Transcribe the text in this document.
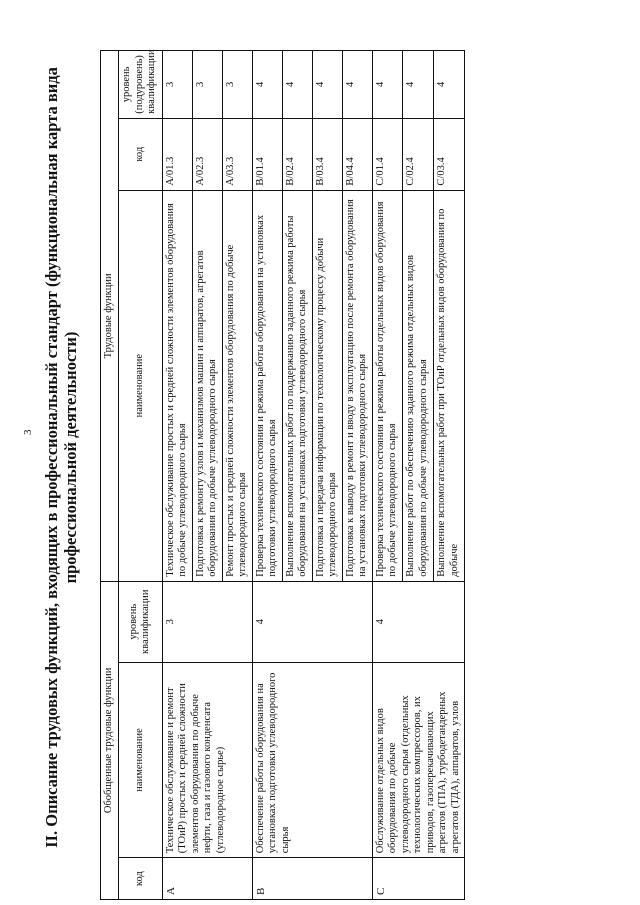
3 II. Описание трудовых функций, входящих в профессиональный стандарт (функциональная карта вида профессиональной деятельности)
Обобщенные трудовые функции			Трудовые функции		
код	наименование	уровень квалификации	наименование	код	уровень (подуровень) квалификации
A	Техническое обслуживание и ремонт (ТОиР) простых и средней сложности элементов оборудования по добыче нефти, газа и газового конденсата (углеводородное сырье)	3	Техническое обслуживание простых и средней сложности элементов оборудования по добыче углеводородного сырья	A/01.3	3
			Подготовка к ремонту узлов и механизмов машин и аппаратов, агрегатов оборудования по добыче углеводородного сырья	A/02.3	3
			Ремонт простых и средней сложности элементов оборудования по добыче углеводородного сырья	A/03.3	3
B	Обеспечение работы оборудования на установках подготовки углеводородного сырья	4	Проверка технического состояния и режима работы оборудования на установках подготовки углеводородного сырья	B/01.4	4
			Выполнение вспомогательных работ по поддержанию заданного режима работы оборудования на установках подготовки углеводородного сырья	B/02.4	4
			Подготовка и передача информации по технологическому процессу добычи углеводородного сырья	B/03.4	4
			Подготовка к выводу в ремонт и вводу в эксплуатацию после ремонта оборудования на установках подготовки углеводородного сырья	B/04.4	4
C	Обслуживание отдельных видов оборудования по добыче углеводородного сырья (отдельных технологических компрессоров, их приводов, газоперекачивающих агрегатов (ГПА), турбодетандерных агрегатов (ТДА), аппаратов, узлов	4	Проверка технического состояния и режима работы отдельных видов оборудования по добыче углеводородного сырья	C/01.4	4
			Выполнение работ по обеспечению заданного режима отдельных видов оборудования по добыче углеводородного сырья	C/02.4	4
			Выполнение вспомогательных работ при ТОиР отдельных видов оборудования по добыче	C/03.4	4
